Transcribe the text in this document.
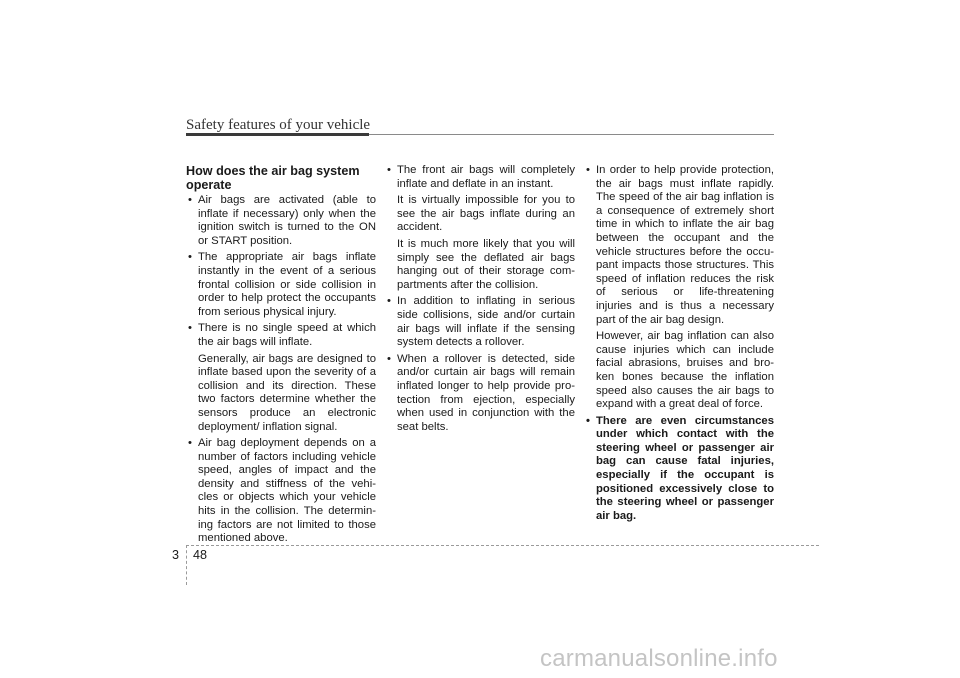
Safety features of your vehicle
How does the air bag system operate
• Air bags are activated (able to inflate if necessary) only when the ignition switch is turned to the ON or START position.
• The appropriate air bags inflate instantly in the event of a serious frontal collision or side collision in order to help protect the occupants from serious physical injury.
• There is no single speed at which the air bags will inflate.
Generally, air bags are designed to inflate based upon the severity of a collision and its direction. These two factors determine whether the sensors produce an electronic deployment/ inflation signal.
• Air bag deployment depends on a number of factors including vehicle speed, angles of impact and the density and stiffness of the vehi-cles or objects which your vehicle hits in the collision. The determin-ing factors are not limited to those mentioned above.
• The front air bags will completely inflate and deflate in an instant.
It is virtually impossible for you to see the air bags inflate during an accident.
It is much more likely that you will simply see the deflated air bags hanging out of their storage com-partments after the collision.
• In addition to inflating in serious side collisions, side and/or curtain air bags will inflate if the sensing system detects a rollover.
• When a rollover is detected, side and/or curtain air bags will remain inflated longer to help provide pro-tection from ejection, especially when used in conjunction with the seat belts.
• In order to help provide protection, the air bags must inflate rapidly. The speed of the air bag inflation is a consequence of extremely short time in which to inflate the air bag between the occupant and the vehicle structures before the occu-pant impacts those structures. This speed of inflation reduces the risk of serious or life-threatening injuries and is thus a necessary part of the air bag design.
However, air bag inflation can also cause injuries which can include facial abrasions, bruises and bro-ken bones because the inflation speed also causes the air bags to expand with a great deal of force.
• There are even circumstances under which contact with the steering wheel or passenger air bag can cause fatal injuries, especially if the occupant is positioned excessively close to the steering wheel or passenger air bag.
3 48
carmanualsonline.info
